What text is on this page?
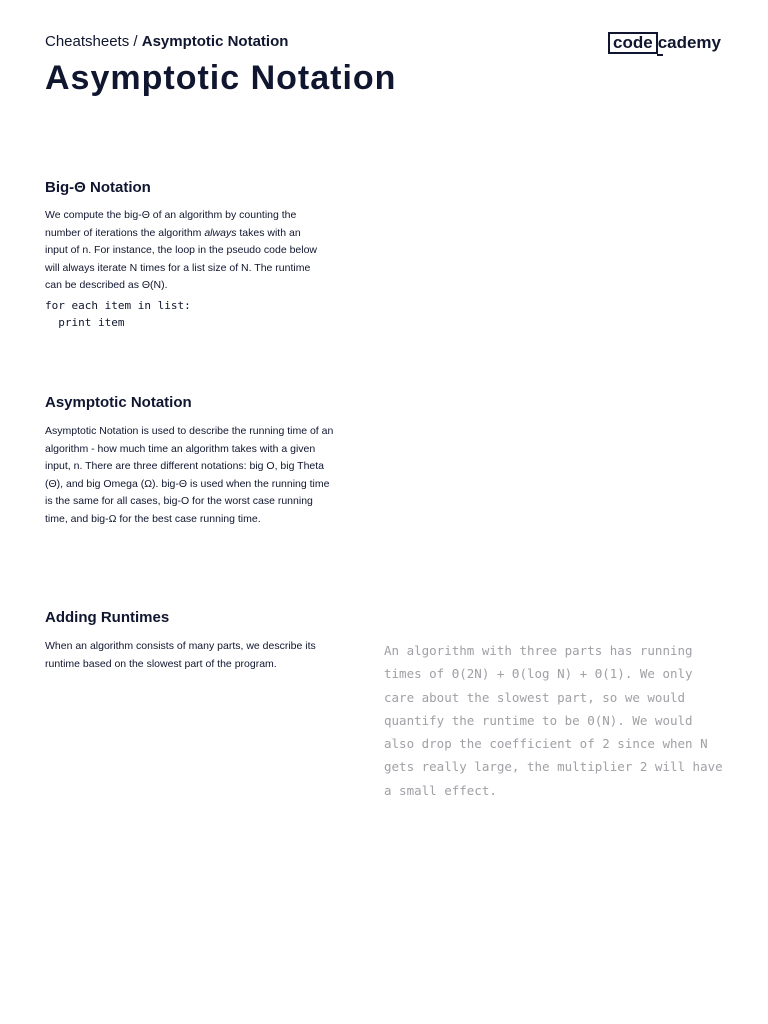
Cheatsheets / Asymptotic Notation	code cademy
Asymptotic Notation
Big-Θ Notation

We compute the big-Θ of an algorithm by counting the number of iterations the algorithm always takes with an input of n. For instance, the loop in the pseudo code below will always iterate N times for a list size of N. The runtime can be described as Θ(N).

for each item in list:
print item
Asymptotic Notation

Asymptotic Notation is used to describe the running time of an algorithm - how much time an algorithm takes with a given input, n. There are three different notations: big O, big Theta (Θ), and big Omega (Ω). big-Θ is used when the running time is the same for all cases, big-O for the worst case running time, and big-Ω for the best case running time.

Adding Runtimes

When an algorithm consists of many parts, we describe its runtime based on the slowest part of the program.

An algorithm with three parts has running times of Θ(2N) + Θ(log N) + Θ(1). We only care about the slowest part, so we would quantify the runtime to be Θ(N). We would also drop the coefficient of 2 since when N gets really large, the multiplier 2 will have a small effect.
